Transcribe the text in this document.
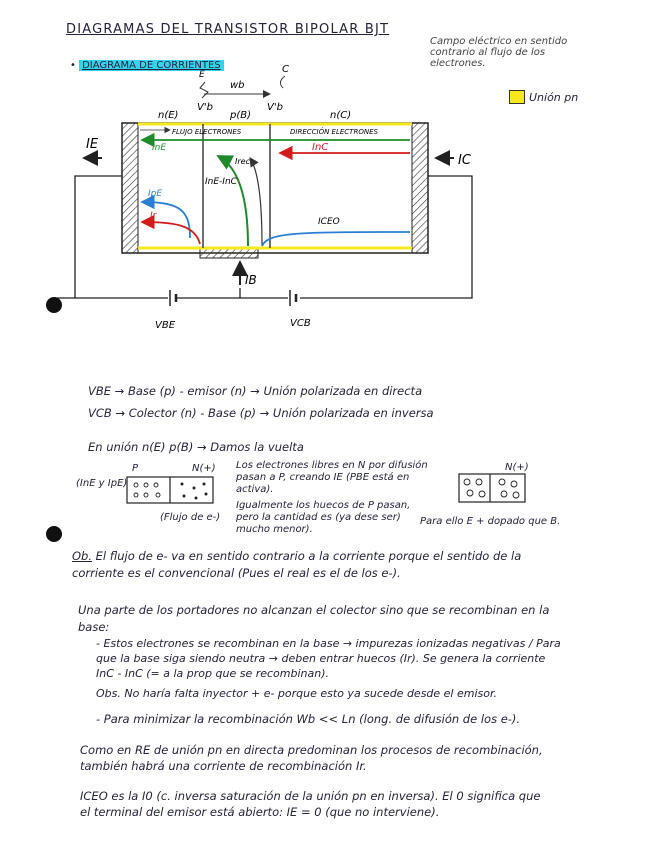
DIAGRAMAS DEL TRANSISTOR BIPOLAR BJT
Campo eléctrico en sentido contrario al flujo de los electrones.
• DIAGRAMA DE CORRIENTES
Unión pn
E	C
wb
V'b	V'b
n(E)	p(B)	n(C)
FLUJO ELECTRONES	DIRECCIÓN ELECTRONES
InE	InC
Irec
InE-InC
IpE
Ir
ICEO
IE
IC
IB
VBE	VCB
VBE → Base (p) - emisor (n) → Unión polarizada en directa
VCB → Colector (n) - Base (p) → Unión polarizada en inversa
En unión n(E) p(B) → Damos la vuelta
(InE y IpE)
P	N(+)
(Flujo de e-)
Los electrones libres en N por difusión pasan a P, creando IE (PBE está en activa).
Igualmente los huecos de P pasan, pero la cantidad es (ya dese ser) mucho menor).
Para ello E + dopado que B.
N(+)
Ob. El flujo de e- va en sentido contrario a la corriente porque el sentido de la corriente es el convencional (Pues el real es el de los e-).
Una parte de los portadores no alcanzan el colector sino que se recombinan en la base:
- Estos electrones se recombinan en la base → impurezas ionizadas negativas / Para que la base siga siendo neutra → deben entrar huecos (Ir). Se genera la corriente InC - InC (= a la prop que se recombinan).
Obs. No haría falta inyector + e- porque esto ya sucede desde el emisor.
- Para minimizar la recombinación Wb << Ln (long. de difusión de los e-).
Como en RE de unión pn en directa predominan los procesos de recombinación, también habrá una corriente de recombinación Ir.
ICEO es la I0 (c. inversa saturación de la unión pn en inversa). El 0 significa que el terminal del emisor está abierto: IE = 0 (que no interviene).
